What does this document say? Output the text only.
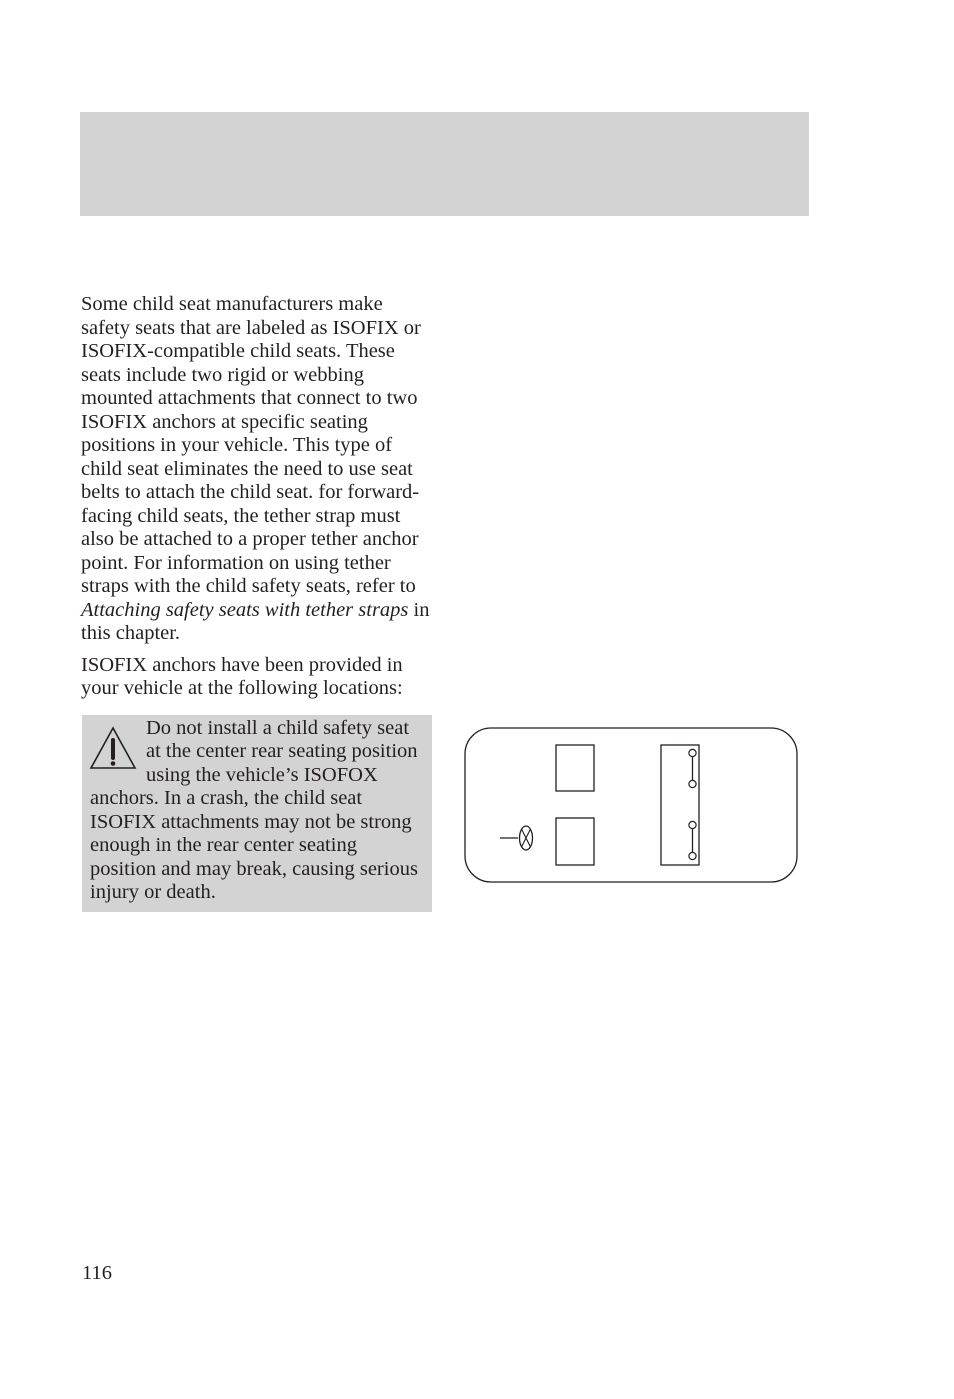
Some child seat manufacturers make safety seats that are labeled as ISOFIX or ISOFIX-compatible child seats. These seats include two rigid or webbing mounted attachments that connect to two ISOFIX anchors at specific seating positions in your vehicle. This type of child seat eliminates the need to use seat belts to attach the child seat. for forward-facing child seats, the tether strap must also be attached to a proper tether anchor point. For information on using tether straps with the child safety seats, refer to Attaching safety seats with tether straps in this chapter.

ISOFIX anchors have been provided in your vehicle at the following locations:

Do not install a child safety seat at the center rear seating position using the vehicle’s ISOFOX anchors. In a crash, the child seat ISOFIX attachments may not be strong enough in the rear center seating position and may break, causing serious injury or death.
116
